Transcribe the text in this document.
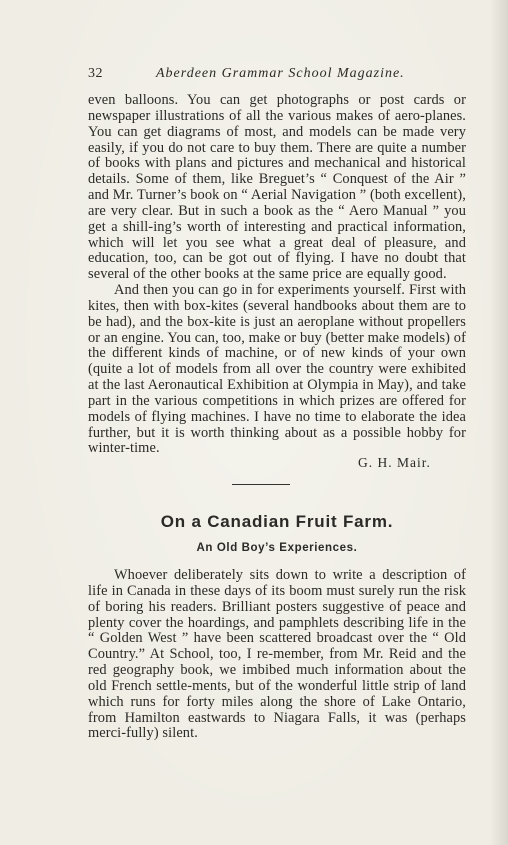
32	Aberdeen Grammar School Magazine.

even balloons. You can get photographs or post cards or newspaper illustrations of all the various makes of aero-planes. You can get diagrams of most, and models can be made very easily, if you do not care to buy them. There are quite a number of books with plans and pictures and mechanical and historical details. Some of them, like Breguet’s “ Conquest of the Air ” and Mr. Turner’s book on “ Aerial Navigation ” (both excellent), are very clear. But in such a book as the “ Aero Manual ” you get a shill-ing’s worth of interesting and practical information, which will let you see what a great deal of pleasure, and education, too, can be got out of flying. I have no doubt that several of the other books at the same price are equally good.

And then you can go in for experiments yourself. First with kites, then with box-kites (several handbooks about them are to be had), and the box-kite is just an aeroplane without propellers or an engine. You can, too, make or buy (better make models) of the different kinds of machine, or of new kinds of your own (quite a lot of models from all over the country were exhibited at the last Aeronautical Exhibition at Olympia in May), and take part in the various competitions in which prizes are offered for models of flying machines. I have no time to elaborate the idea further, but it is worth thinking about as a possible hobby for winter-time.

G. H. Mair.
On a Canadian Fruit Farm.
An Old Boy’s Experiences.

Whoever deliberately sits down to write a description of life in Canada in these days of its boom must surely run the risk of boring his readers. Brilliant posters suggestive of peace and plenty cover the hoardings, and pamphlets describing life in the “ Golden West ” have been scattered broadcast over the “ Old Country.” At School, too, I re-member, from Mr. Reid and the red geography book, we imbibed much information about the old French settle-ments, but of the wonderful little strip of land which runs for forty miles along the shore of Lake Ontario, from Hamilton eastwards to Niagara Falls, it was (perhaps merci-fully) silent.
